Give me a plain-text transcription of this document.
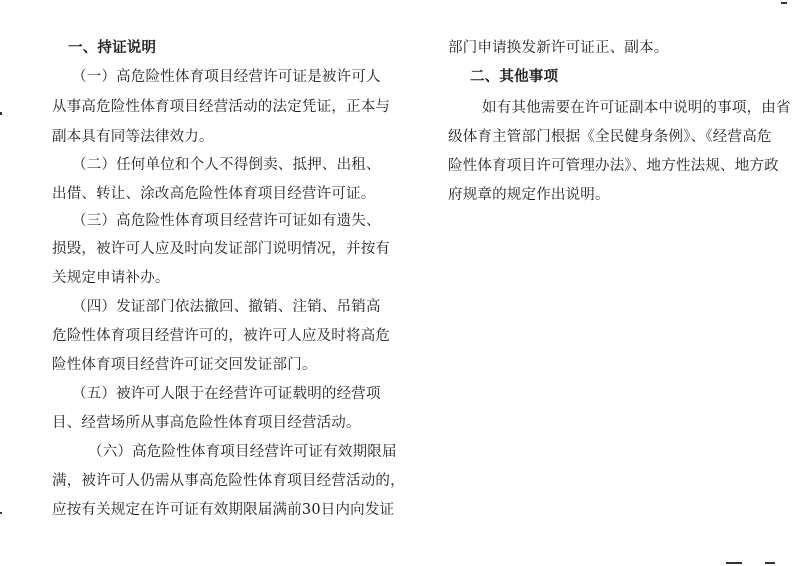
一、持证说明
（一）高危险性体育项目经营许可证是被许可人
从事高危险性体育项目经营活动的法定凭证，正本与
副本具有同等法律效力。
（二）任何单位和个人不得倒卖、抵押、出租、
出借、转让、涂改高危险性体育项目经营许可证。
（三）高危险性体育项目经营许可证如有遗失、
损毁，被许可人应及时向发证部门说明情况，并按有
关规定申请补办。
（四）发证部门依法撤回、撤销、注销、吊销高
危险性体育项目经营许可的，被许可人应及时将高危
险性体育项目经营许可证交回发证部门。
（五）被许可人限于在经营许可证载明的经营项
目、经营场所从事高危险性体育项目经营活动。
（六）高危险性体育项目经营许可证有效期限届
满，被许可人仍需从事高危险性体育项目经营活动的，
应按有关规定在许可证有效期限届满前30日内向发证
部门申请换发新许可证正、副本。
二、其他事项
如有其他需要在许可证副本中说明的事项，由省
级体育主管部门根据《全民健身条例》、《经营高危
险性体育项目许可管理办法》、地方性法规、地方政
府规章的规定作出说明。
